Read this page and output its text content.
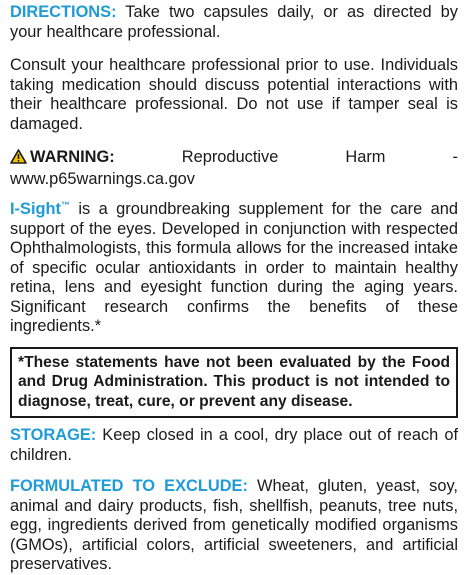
DIRECTIONS: Take two capsules daily, or as directed by your healthcare professional.

Consult your healthcare professional prior to use. Individuals taking medication should discuss potential interactions with their healthcare professional. Do not use if tamper seal is damaged.

WARNING: Reproductive Harm - www.p65warnings.ca.gov

I-Sight™ is a groundbreaking supplement for the care and support of the eyes. Developed in conjunction with respected Ophthalmologists, this formula allows for the increased intake of specific ocular antioxidants in order to maintain healthy retina, lens and eyesight function during the aging years. Significant research confirms the benefits of these ingredients.*

*These statements have not been evaluated by the Food and Drug Administration. This product is not intended to diagnose, treat, cure, or prevent any disease.

STORAGE: Keep closed in a cool, dry place out of reach of children.

FORMULATED TO EXCLUDE: Wheat, gluten, yeast, soy, animal and dairy products, fish, shellfish, peanuts, tree nuts, egg, ingredients derived from genetically modified organisms (GMOs), artificial colors, artificial sweeteners, and artificial preservatives.
